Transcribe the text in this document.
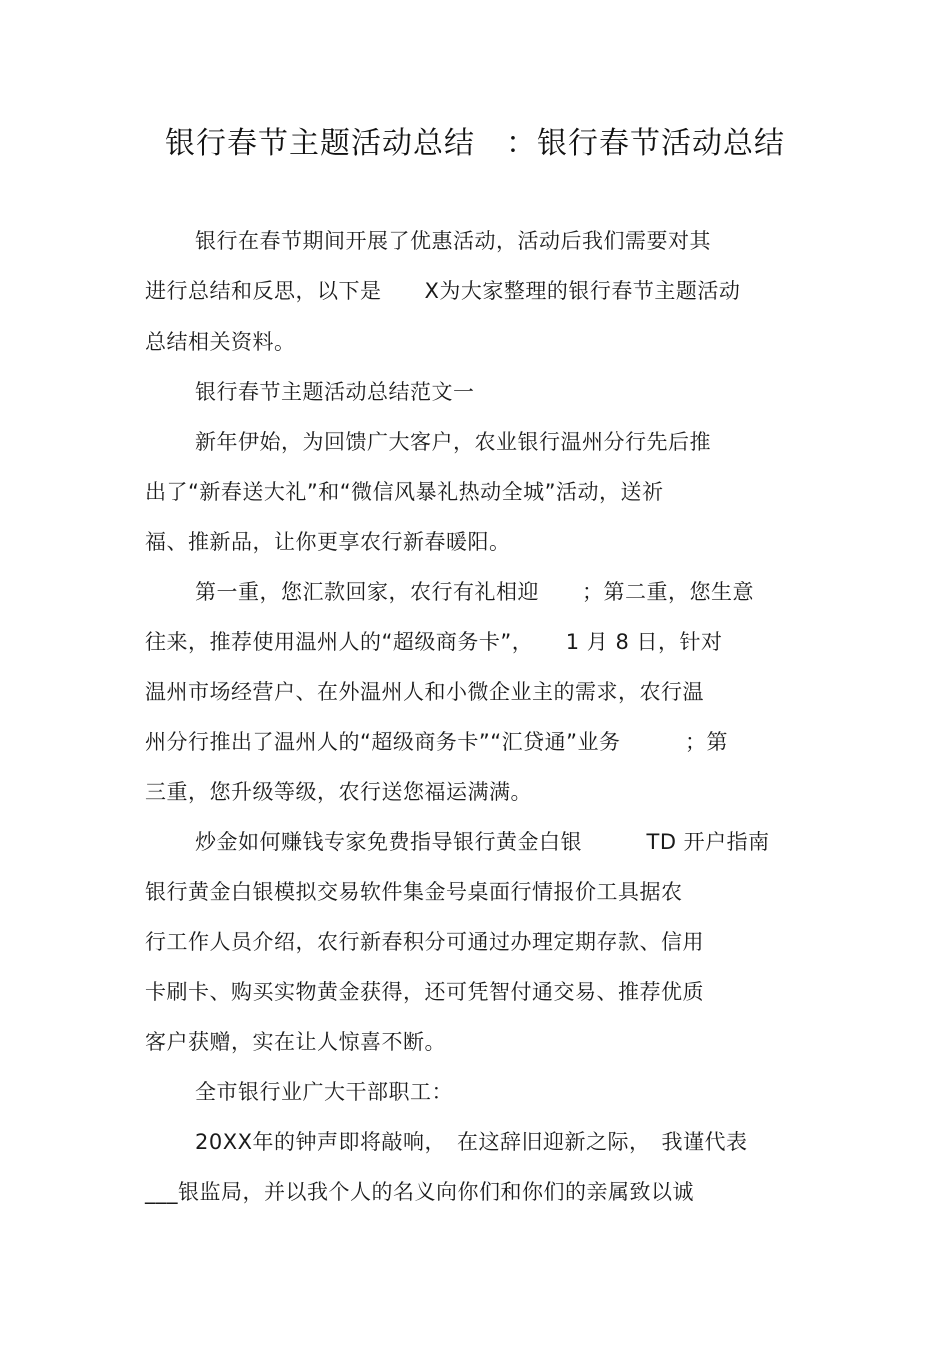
银行春节主题活动总结　：银行春节活动总结
银行在春节期间开展了优惠活动，活动后我们需要对其
进行总结和反思，以下是　　X为大家整理的银行春节主题活动
总结相关资料。
银行春节主题活动总结范文一
新年伊始，为回馈广大客户，农业银行温州分行先后推
出了“新春送大礼”和“微信风暴礼热动全城”活动，送祈
福、推新品，让你更享农行新春暖阳。
第一重，您汇款回家，农行有礼相迎　　；第二重，您生意
往来，推荐使用温州人的“超级商务卡”，　　1 月 8 日，针对
温州市场经营户、在外温州人和小微企业主的需求，农行温
州分行推出了温州人的“超级商务卡”“汇贷通”业务　　　；第
三重，您升级等级，农行送您福运满满。
炒金如何赚钱专家免费指导银行黄金白银　　　TD 开户指南
银行黄金白银模拟交易软件集金号桌面行情报价工具据农
行工作人员介绍，农行新春积分可通过办理定期存款、信用
卡刷卡、购买实物黄金获得，还可凭智付通交易、推荐优质
客户获赠，实在让人惊喜不断。
全市银行业广大干部职工：
20XX年的钟声即将敲响，　在这辞旧迎新之际，　我谨代表
___银监局，并以我个人的名义向你们和你们的亲属致以诚
